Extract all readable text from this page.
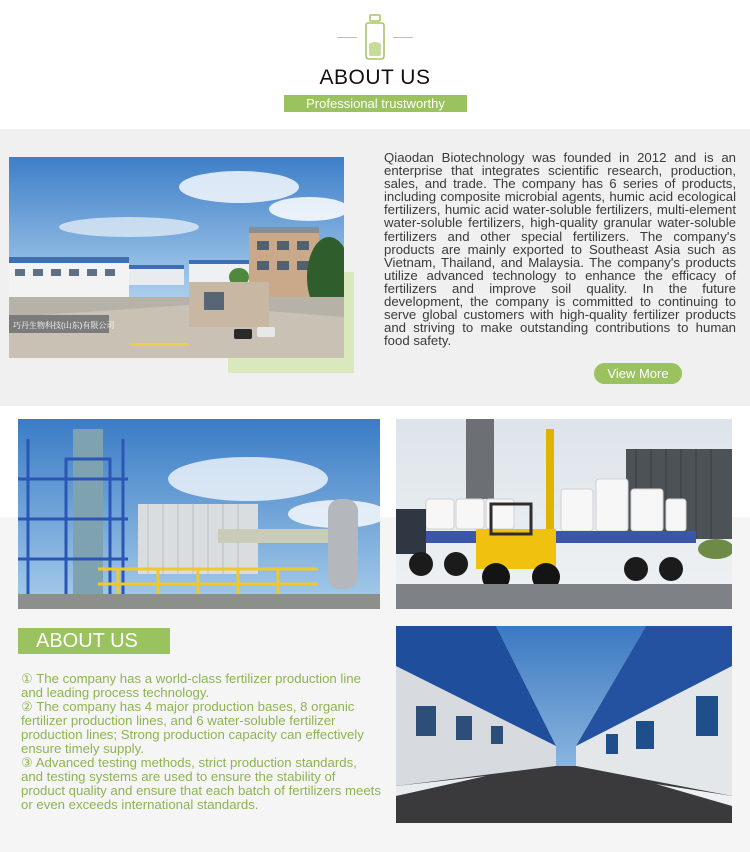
ABOUT US
Professional trustworthy
巧丹生物科技(山东)有限公司
Qiaodan Biotechnology was founded in 2012 and is an enterprise that integrates scientific research, production, sales, and trade. The company has 6 series of products, including composite microbial agents, humic acid ecological fertilizers, humic acid water-soluble fertilizers, multi-element water-soluble fertilizers, high-quality granular water-soluble fertilizers and other special fertilizers. The company's products are mainly exported to Southeast Asia such as Vietnam, Thailand, and Malaysia. The company's products utilize advanced technology to enhance the efficacy of fertilizers and improve soil quality. In the future development, the company is committed to continuing to serve global customers with high-quality fertilizer products and striving to make outstanding contributions to human food safety.
View More
ABOUT US

① The company has a world-class fertilizer production line and leading process technology.

② The company has 4 major production bases, 8 organic fertilizer production lines, and 6 water-soluble fertilizer production lines; Strong production capacity can effectively ensure timely supply.

③ Advanced testing methods, strict production standards, and testing systems are used to ensure the stability of product quality and ensure that each batch of fertilizers meets or even exceeds international standards.
